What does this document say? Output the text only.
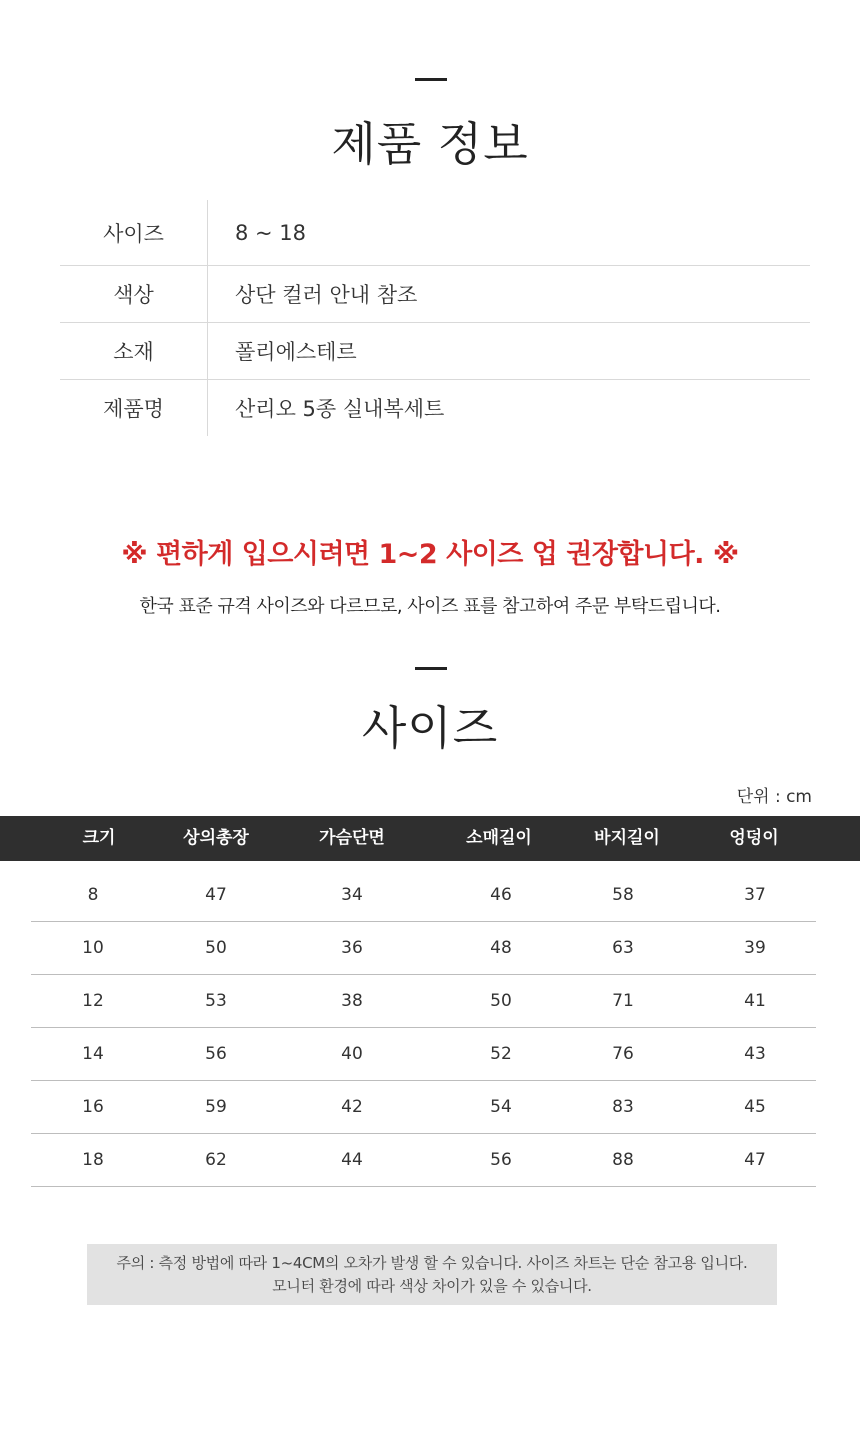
제품 정보
사이즈	8 ~ 18
색상	상단 컬러 안내 참조
소재	폴리에스테르
제품명	산리오 5종 실내복세트
※ 편하게 입으시려면 1~2 사이즈 업 권장합니다. ※
한국 표준 규격 사이즈와 다르므로, 사이즈 표를 참고하여 주문 부탁드립니다.
사이즈
단위 : cm
크기	상의총장	가슴단면	소매길이	바지길이	엉덩이
8	47	34	46	58	37
10	50	36	48	63	39
12	53	38	50	71	41
14	56	40	52	76	43
16	59	42	54	83	45
18	62	44	56	88	47
주의 : 측정 방법에 따라 1~4CM의 오차가 발생 할 수 있습니다. 사이즈 차트는 단순 참고용 입니다.
모니터 환경에 따라 색상 차이가 있을 수 있습니다.
